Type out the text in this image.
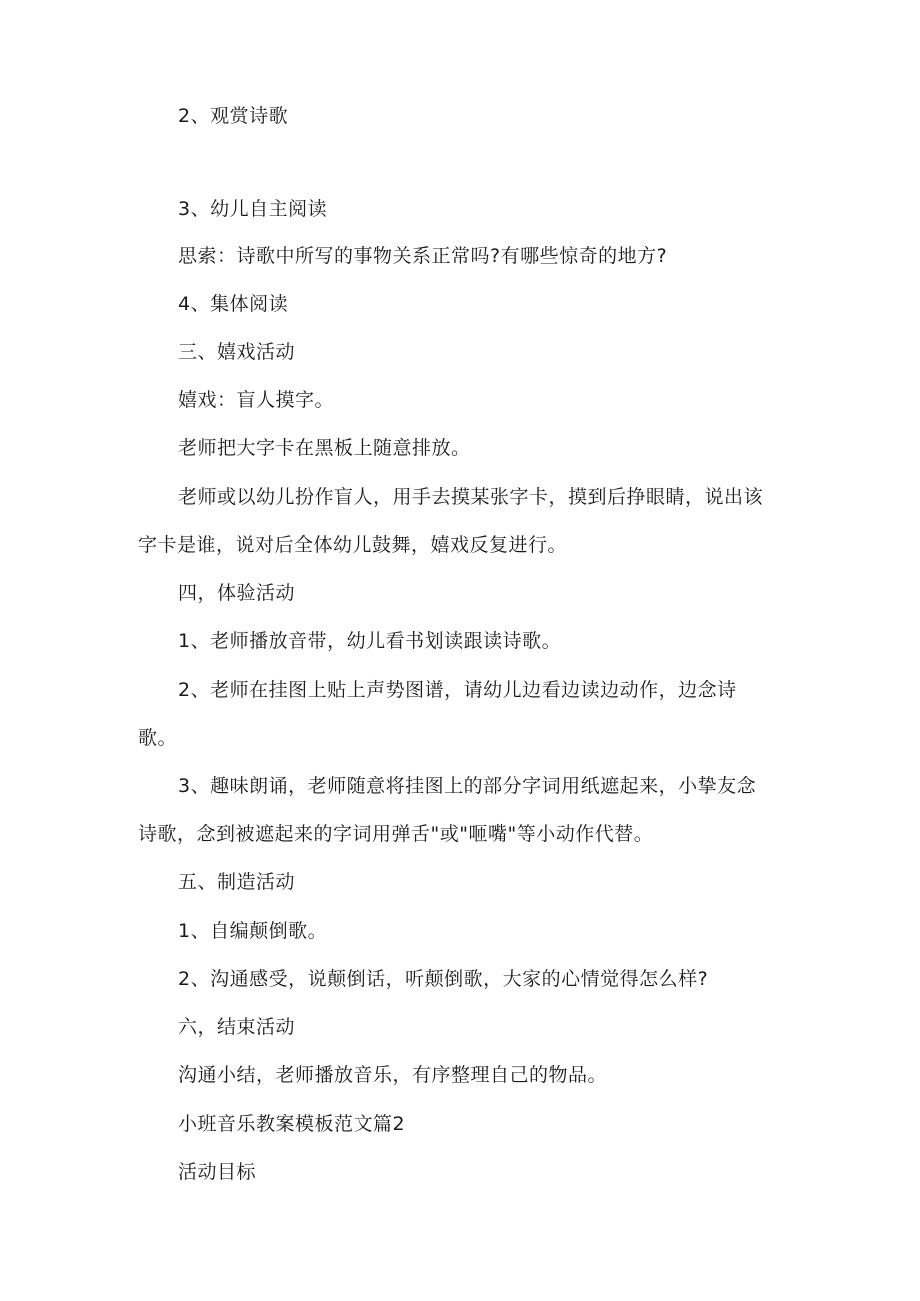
2、观赏诗歌
3、幼儿自主阅读
思索：诗歌中所写的事物关系正常吗?有哪些惊奇的地方?
4、集体阅读
三、嬉戏活动
嬉戏：盲人摸字。
老师把大字卡在黑板上随意排放。
老师或以幼儿扮作盲人，用手去摸某张字卡，摸到后挣眼睛，说出该
字卡是谁，说对后全体幼儿鼓舞，嬉戏反复进行。
四，体验活动
1、老师播放音带，幼儿看书划读跟读诗歌。
2、老师在挂图上贴上声势图谱，请幼儿边看边读边动作，边念诗
歌。
3、趣味朗诵，老师随意将挂图上的部分字词用纸遮起来，小挚友念
诗歌，念到被遮起来的字词用弹舌"或"咂嘴"等小动作代替。
五、制造活动
1、自编颠倒歌。
2、沟通感受，说颠倒话，听颠倒歌，大家的心情觉得怎么样?
六，结束活动
沟通小结，老师播放音乐，有序整理自己的物品。
小班音乐教案模板范文篇2
活动目标
